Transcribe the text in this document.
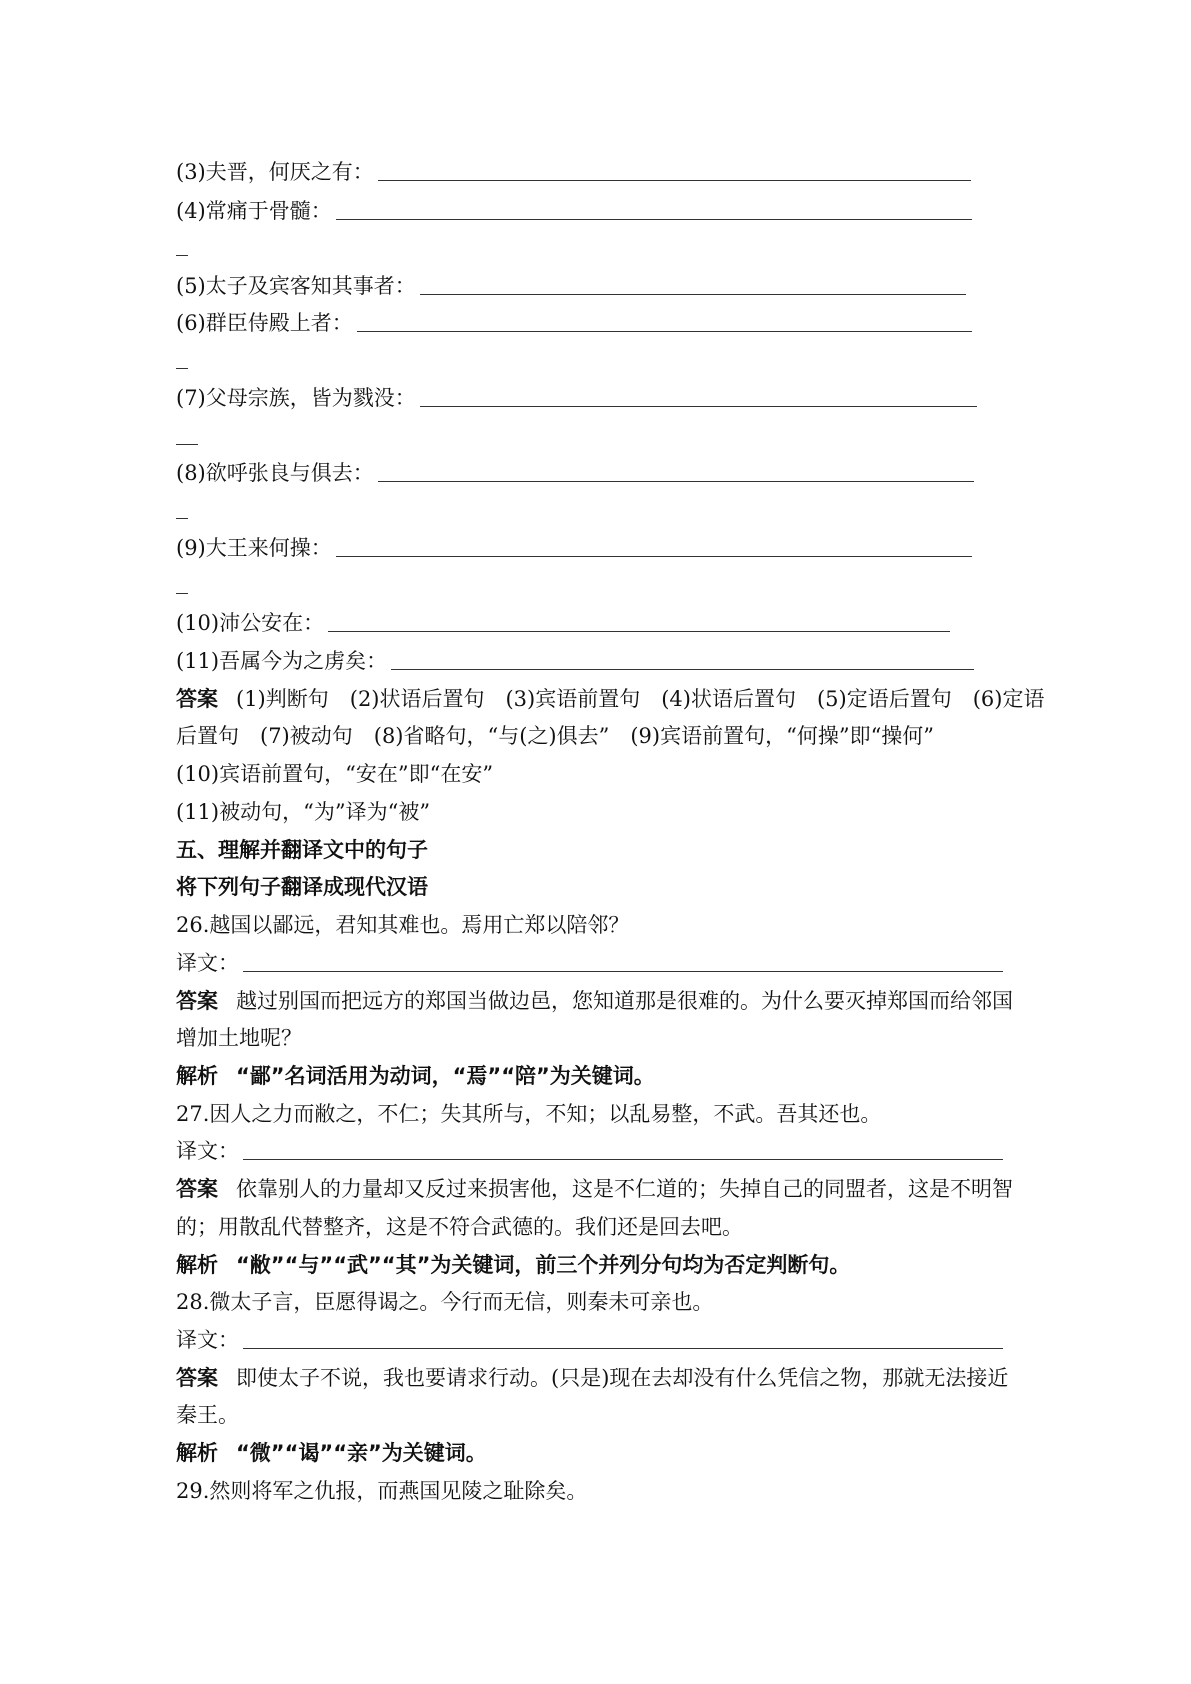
(3)夫晋，何厌之有：
(4)常痛于骨髓：
(5)太子及宾客知其事者：
(6)群臣侍殿上者：
(7)父母宗族，皆为戮没：
(8)欲呼张良与俱去：
(9)大王来何操：
(10)沛公安在：
(11)吾属今为之虏矣：
答案 (1)判断句　(2)状语后置句　(3)宾语前置句　(4)状语后置句　(5)定语后置句　(6)定语
后置句　(7)被动句　(8)省略句，“与(之)俱去”　(9)宾语前置句，“何操”即“操何”
(10)宾语前置句，“安在”即“在安”
(11)被动句，“为”译为“被”
五、理解并翻译文中的句子
将下列句子翻译成现代汉语
26.越国以鄙远，君知其难也。焉用亡郑以陪邻？
译文：
答案 越过别国而把远方的郑国当做边邑，您知道那是很难的。为什么要灭掉郑国而给邻国
增加土地呢？
解析 “鄙”名词活用为动词，“焉”“陪”为关键词。
27.因人之力而敝之，不仁；失其所与，不知；以乱易整，不武。吾其还也。
译文：
答案 依靠别人的力量却又反过来损害他，这是不仁道的；失掉自己的同盟者，这是不明智
的；用散乱代替整齐，这是不符合武德的。我们还是回去吧。
解析 “敝”“与”“武”“其”为关键词，前三个并列分句均为否定判断句。
28.微太子言，臣愿得谒之。今行而无信，则秦未可亲也。
译文：
答案 即使太子不说，我也要请求行动。(只是)现在去却没有什么凭信之物，那就无法接近
秦王。
解析 “微”“谒”“亲”为关键词。
29.然则将军之仇报，而燕国见陵之耻除矣。
